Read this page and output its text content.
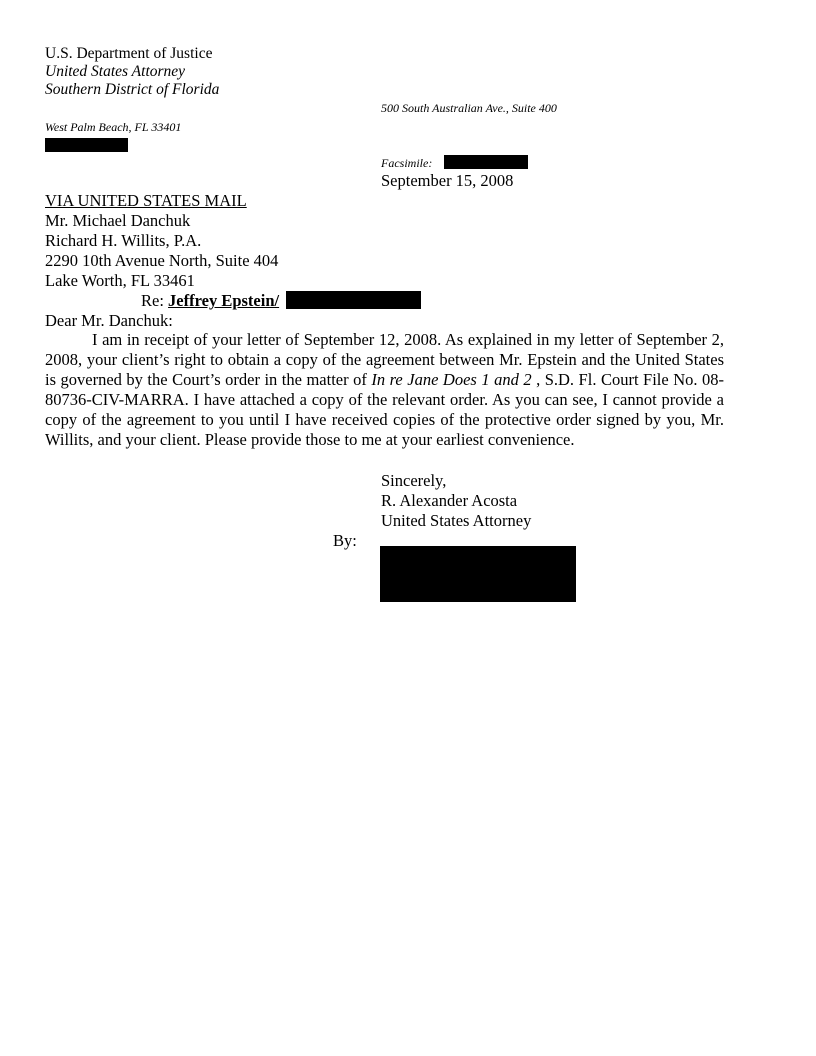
U.S. Department of Justice
United States Attorney
Southern District of Florida
500 South Australian Ave., Suite 400
West Palm Beach, FL 33401
Facsimile:
September 15, 2008
VIA UNITED STATES MAIL
Mr. Michael Danchuk
Richard H. Willits, P.A.
2290 10th Avenue North, Suite 404
Lake Worth, FL 33461
Re: Jeffrey Epstein/
Dear Mr. Danchuk:
I am in receipt of your letter of September 12, 2008. As explained in my letter of September 2, 2008, your client’s right to obtain a copy of the agreement between Mr. Epstein and the United States is governed by the Court’s order in the matter of In re Jane Does 1 and 2 , S.D. Fl. Court File No. 08-80736-CIV-MARRA. I have attached a copy of the relevant order. As you can see, I cannot provide a copy of the agreement to you until I have received copies of the protective order signed by you, Mr. Willits, and your client. Please provide those to me at your earliest convenience.
Sincerely,
R. Alexander Acosta
United States Attorney
By:
